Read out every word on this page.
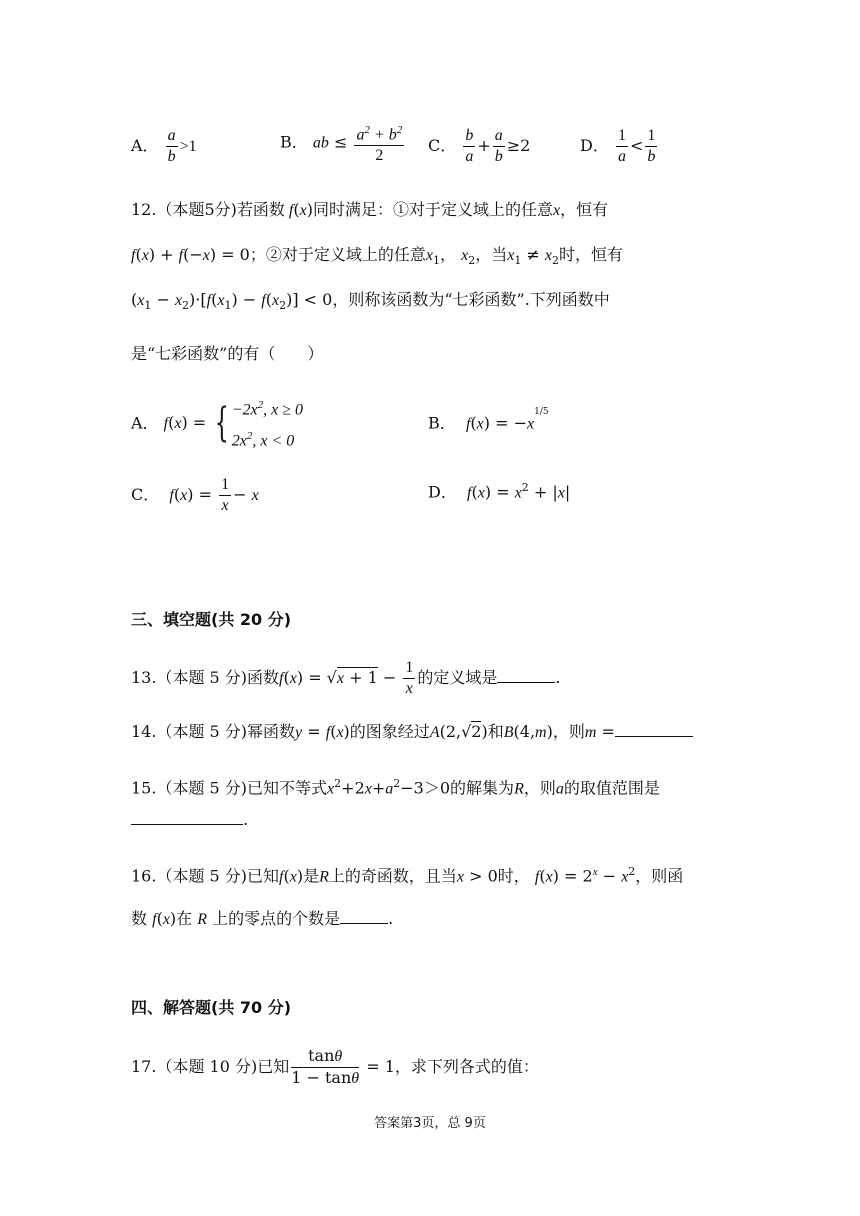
A． $\frac{a}{b} >1$	B． ab ≤ $\frac{a^2 + b^2}{2}$ C． $\frac{b}{a} + \frac{a}{b} \ge 2$	D． $\frac{1}{a} < \frac{1}{b}$
12.（本题5分)若函数 f(x)同时满足：①对于定义域上的任意x，恒有
f(x) + f(−x) = 0；②对于定义域上的任意$x_1$， $x_2$，当$x_1 \ne x_2$时，恒有
$(x_1 - x_2)\cdot[f(x_1) - f(x_2)] < 0$，则称该函数为“七彩函数”.下列函数中
是“七彩函数”的有（　　）
A． f(x) = { $-2x^2$, x ≥ 0
$2x^2$, x < 0
B． $f(x) = -x^{1/5}$
C． $f(x) = \frac{1}{x} - x$	D． $f(x) = x^2 + |x|$
三、填空题(共 20 分)
13.（本题 5 分)函数$f(x) = √x + 1 - \frac{1}{x}$ 的定义域是	.
14.（本题 5 分)幂函数y = f(x)的图象经过A(2,√2)和B(4,m)，则m =
15.（本题 5 分)已知不等式$x^2+2x+a^2-3>0$的解集为R，则a的取值范围是
.
16.（本题 5 分)已知f(x)是R上的奇函数，且当x > 0时， $f(x) = 2^x - x^2$，则函
数 f(x)在 R 上的零点的个数是	.
四、解答题(共 70 分)
17.（本题 10 分)已知 $\frac{\tan\theta}{1 - \tan\theta} = 1$，求下列各式的值：
答案第3页，总 9页
